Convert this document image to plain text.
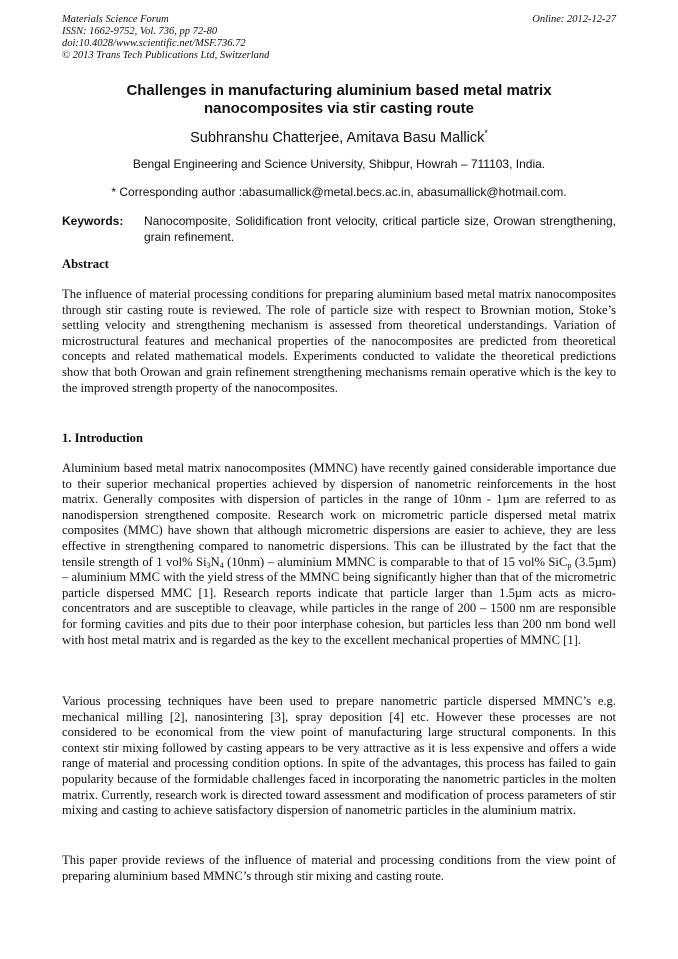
Materials Science Forum
ISSN: 1662-9752, Vol. 736, pp 72-80
doi:10.4028/www.scientific.net/MSF.736.72
© 2013 Trans Tech Publications Ltd, Switzerland
Online: 2012-12-27
Challenges in manufacturing aluminium based metal matrix
nanocomposites via stir casting route
Subhranshu Chatterjee, Amitava Basu Mallick*
Bengal Engineering and Science University, Shibpur, Howrah – 711103, India.
* Corresponding author :abasumallick@metal.becs.ac.in, abasumallick@hotmail.com.
Keywords: Nanocomposite, Solidification front velocity, critical particle size, Orowan strengthening, grain refinement.
Abstract
The influence of material processing conditions for preparing aluminium based metal matrix nanocomposites through stir casting route is reviewed. The role of particle size with respect to Brownian motion, Stoke’s settling velocity and strengthening mechanism is assessed from theoretical understandings. Variation of microstructural features and mechanical properties of the nanocomposites are predicted from theoretical concepts and related mathematical models. Experiments conducted to validate the theoretical predictions show that both Orowan and grain refinement strengthening mechanisms remain operative which is the key to the improved strength property of the nanocomposites.
1. Introduction
Aluminium based metal matrix nanocomposites (MMNC) have recently gained considerable importance due to their superior mechanical properties achieved by dispersion of nanometric reinforcements in the host matrix. Generally composites with dispersion of particles in the range of 10nm - 1µm are referred to as nanodispersion strengthened composite. Research work on micrometric particle dispersed metal matrix composites (MMC) have shown that although micrometric dispersions are easier to achieve, they are less effective in strengthening compared to nanometric dispersions. This can be illustrated by the fact that the tensile strength of 1 vol% $Si_3N_4$ (10nm) – aluminium MMNC is comparable to that of 15 vol% SiC$_p$ (3.5µm) – aluminium MMC with the yield stress of the MMNC being significantly higher than that of the micrometric particle dispersed MMC [1]. Research reports indicate that particle larger than 1.5µm acts as micro-concentrators and are susceptible to cleavage, while particles in the range of 200 – 1500 nm are responsible for forming cavities and pits due to their poor interphase cohesion, but particles less than 200 nm bond well with host metal matrix and is regarded as the key to the excellent mechanical properties of MMNC [1].
Various processing techniques have been used to prepare nanometric particle dispersed MMNC’s e.g. mechanical milling [2], nanosintering [3], spray deposition [4] etc. However these processes are not considered to be economical from the view point of manufacturing large structural components. In this context stir mixing followed by casting appears to be very attractive as it is less expensive and offers a wide range of material and processing condition options. In spite of the advantages, this process has failed to gain popularity because of the formidable challenges faced in incorporating the nanometric particles in the molten matrix. Currently, research work is directed toward assessment and modification of process parameters of stir mixing and casting to achieve satisfactory dispersion of nanometric particles in the aluminium matrix.
This paper provide reviews of the influence of material and processing conditions from the view point of preparing aluminium based MMNC’s through stir mixing and casting route.
